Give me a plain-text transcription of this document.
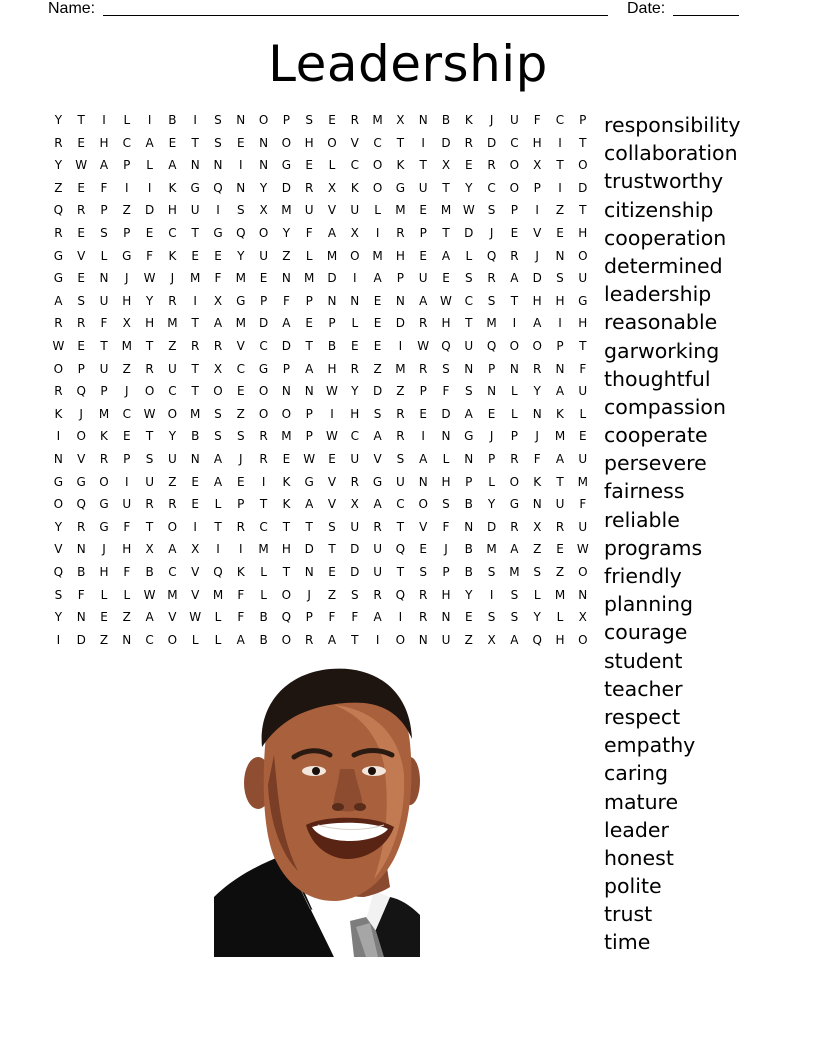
Name:	Date:
Leadership
Y	T	I	L	I	B	I	S	N	O	P	S	E	R	M	X	N	B	K	J	U	F	C	P
R	E	H	C	A	E	T	S	E	N	O	H	O	V	C	T	I	D	R	D	C	H	I	T
Y	W	A	P	L	A	N	N	I	N	G	E	L	C	O	K	T	X	E	R	O	X	T	O
Z	E	F	I	I	K	G	Q	N	Y	D	R	X	K	O	G	U	T	Y	C	O	P	I	D
Q	R	P	Z	D	H	U	I	S	X	M	U	V	U	L	M	E	M W	S	P	I	Z	T
R	E	S	P	E	C	T	G	Q	O	Y	F	A	X	I	R	P	T	D	J	E	V	E	H
G	V	L	G	F	K	E	E	Y	U	Z	L	M	O	M	H	E	A	L	Q	R	J	N	O
G	E	N	J	W	J	M	F	M	E	N	M	D	I	A	P	U	E	S	R	A	D	S	U
A	S	U	H	Y	R	I	X	G	P	F	P	N	N	E	N	A	W	C	S	T	H	H	G
R	R	F	X	H	M	T	A	M	D	A	E	P	L	E	D	R	H	T	M	I	A	I	H
W	E	T	M	T	Z	R	R	V	C	D	T	B	E	E	I	W	Q	U	Q	O	O	P	T
O	P	U	Z	R	U	T	X	C	G	P	A	H	R	Z	M	R	S	N	P	N	R	N	F
R	Q	P	J	O	C	T	O	E	O	N	N	W	Y	D	Z	P	F	S	N	L	Y	A	U
K	J	M	C	W	O	M	S	Z	O	O	P	I	H	S	R	E	D	A	E	L	N	K	L
I	O	K	E	T	Y	B	S	S	R	M	P	W	C	A	R	I	N	G	J	P	J	M	E
N	V	R	P	S	U	N	A	J	R	E	W	E	U	V	S	A	L	N	P	R	F	A	U
G	G	O	I	U	Z	E	A	E	I	K	G	V	R	G	U	N	H	P	L	O	K	T	M
O	Q	G	U	R	R	E	L	P	T	K	A	V	X	A	C	O	S	B	Y	G	N	U	F
Y	R	G	F	T	O	I	T	R	C	T	T	S	U	R	T	V	F	N	D	R	X	R	U
V	N	J	H	X	A	X	I	I	M	H	D	T	D	U	Q	E	J	B	M	A	Z	E	W
Q	B	H	F	B	C	V	Q	K	L	T	N	E	D	U	T	S	P	B	S	M	S	Z	O
S	F	L	L	W M	V	M	F	L	O	J	Z	S	R	Q	R	H	Y	I	S	L	M	N
Y	N	E	Z	A	V	W	L	F	B	Q	P	F	F	A	I	R	N	E	S	S	Y	L	X
I	D	Z	N	C	O	L	L	A	B	O	R	A	T	I	O	N	U	Z	X	A	Q	H	O
responsibility
collaboration
trustworthy
citizenship
cooperation
determined
leadership
reasonable
garworking
thoughtful
compassion
cooperate
persevere
fairness
reliable
programs
friendly
planning
courage
student
teacher
respect
empathy
caring
mature
leader
honest
polite
trust
time
